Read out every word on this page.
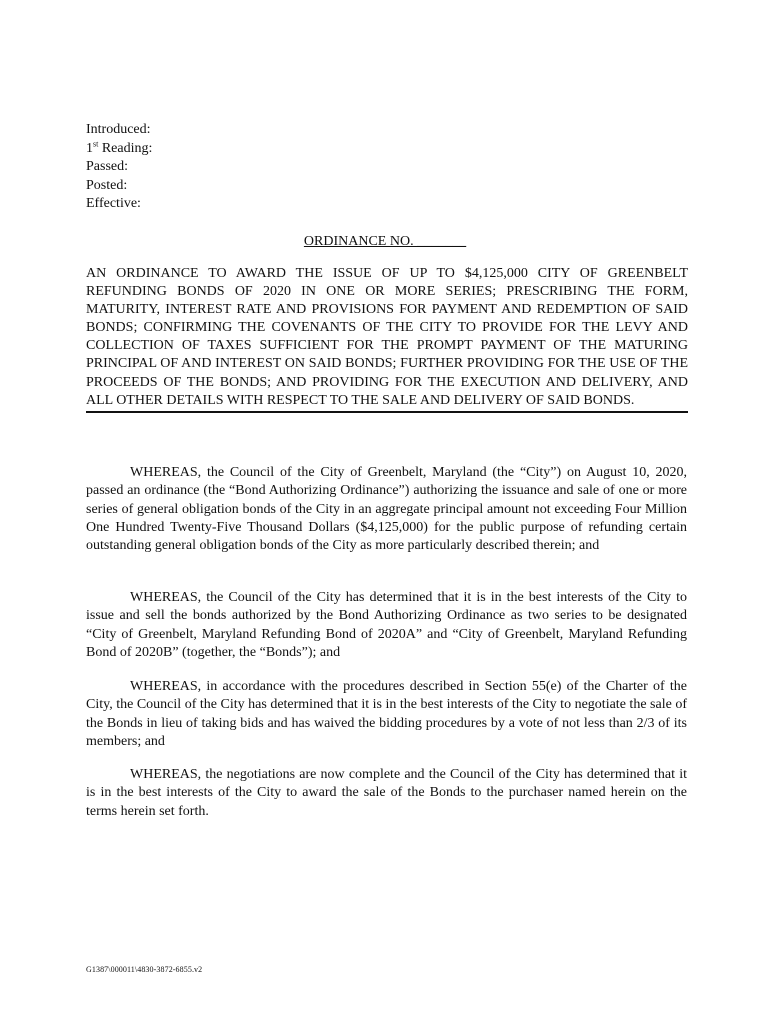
Introduced:
1st Reading:
Passed:
Posted:
Effective:
ORDINANCE NO. _______
AN ORDINANCE TO AWARD THE ISSUE OF UP TO $4,125,000 CITY OF GREENBELT REFUNDING BONDS OF 2020 IN ONE OR MORE SERIES; PRESCRIBING THE FORM, MATURITY, INTEREST RATE AND PROVISIONS FOR PAYMENT AND REDEMPTION OF SAID BONDS; CONFIRMING THE COVENANTS OF THE CITY TO PROVIDE FOR THE LEVY AND COLLECTION OF TAXES SUFFICIENT FOR THE PROMPT PAYMENT OF THE MATURING PRINCIPAL OF AND INTEREST ON SAID BONDS; FURTHER PROVIDING FOR THE USE OF THE PROCEEDS OF THE BONDS; AND PROVIDING FOR THE EXECUTION AND DELIVERY, AND ALL OTHER DETAILS WITH RESPECT TO THE SALE AND DELIVERY OF SAID BONDS.

WHEREAS, the Council of the City of Greenbelt, Maryland (the “City”) on August 10, 2020, passed an ordinance (the “Bond Authorizing Ordinance”) authorizing the issuance and sale of one or more series of general obligation bonds of the City in an aggregate principal amount not exceeding Four Million One Hundred Twenty-Five Thousand Dollars ($4,125,000) for the public purpose of refunding certain outstanding general obligation bonds of the City as more particularly described therein; and

WHEREAS, the Council of the City has determined that it is in the best interests of the City to issue and sell the bonds authorized by the Bond Authorizing Ordinance as two series to be designated “City of Greenbelt, Maryland Refunding Bond of 2020A” and “City of Greenbelt, Maryland Refunding Bond of 2020B” (together, the “Bonds”); and

WHEREAS, in accordance with the procedures described in Section 55(e) of the Charter of the City, the Council of the City has determined that it is in the best interests of the City to negotiate the sale of the Bonds in lieu of taking bids and has waived the bidding procedures by a vote of not less than 2/3 of its members; and

WHEREAS, the negotiations are now complete and the Council of the City has determined that it is in the best interests of the City to award the sale of the Bonds to the purchaser named herein on the terms herein set forth.

G1387\000011\4830-3872-6855.v2
